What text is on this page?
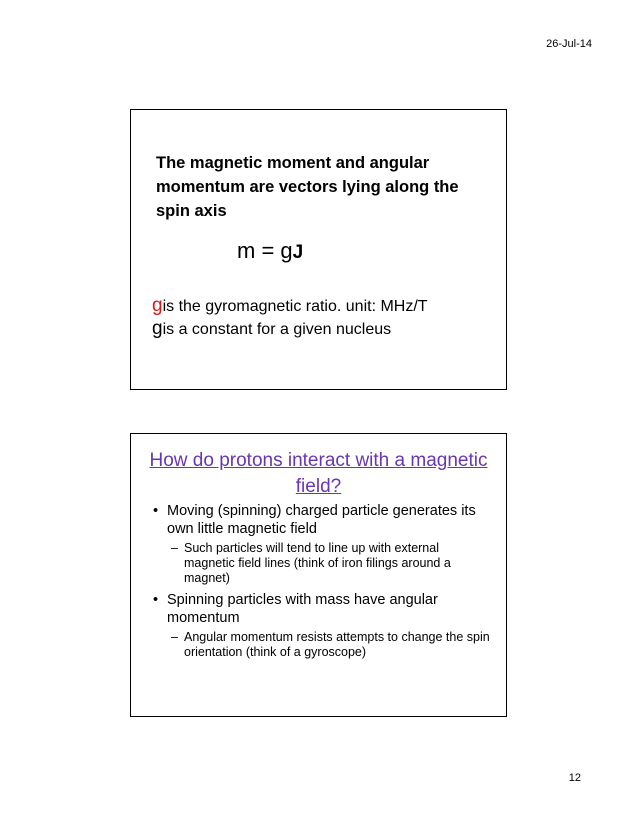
26-Jul-14
The magnetic moment and angular momentum are vectors lying along the spin axis
m = gJ
gis the gyromagnetic ratio. unit: MHz/T
gis a constant for a given nucleus
How do protons interact with a magnetic field?
• Moving (spinning) charged particle generates its own little magnetic field
– Such particles will tend to line up with external magnetic field lines (think of iron filings around a magnet)
• Spinning particles with mass have angular momentum
– Angular momentum resists attempts to change the spin orientation (think of a gyroscope)
12
